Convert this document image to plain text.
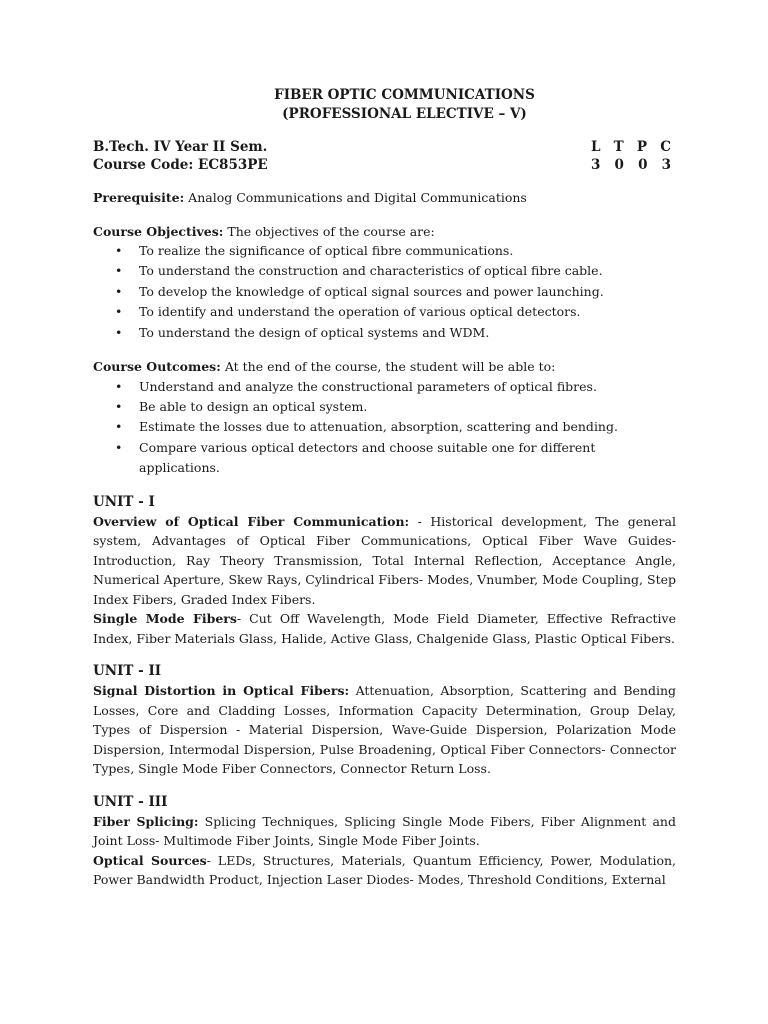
FIBER OPTIC COMMUNICATIONS
(PROFESSIONAL ELECTIVE – V)
B.Tech. IV Year II Sem.	L T P C
Course Code: EC853PE	3 0 0 3

Prerequisite: Analog Communications and Digital Communications

Course Objectives: The objectives of the course are:

• To realize the significance of optical fibre communications.
• To understand the construction and characteristics of optical fibre cable.
• To develop the knowledge of optical signal sources and power launching.
• To identify and understand the operation of various optical detectors.
• To understand the design of optical systems and WDM.

Course Outcomes: At the end of the course, the student will be able to:

• Understand and analyze the constructional parameters of optical fibres.
• Be able to design an optical system.
• Estimate the losses due to attenuation, absorption, scattering and bending.
• Compare various optical detectors and choose suitable one for different applications.
UNIT - I

Overview of Optical Fiber Communication: - Historical development, The general system, Advantages of Optical Fiber Communications, Optical Fiber Wave Guides- Introduction, Ray Theory Transmission, Total Internal Reflection, Acceptance Angle, Numerical Aperture, Skew Rays, Cylindrical Fibers- Modes, Vnumber, Mode Coupling, Step Index Fibers, Graded Index Fibers.

Single Mode Fibers- Cut Off Wavelength, Mode Field Diameter, Effective Refractive Index, Fiber Materials Glass, Halide, Active Glass, Chalgenide Glass, Plastic Optical Fibers.

UNIT - II

Signal Distortion in Optical Fibers: Attenuation, Absorption, Scattering and Bending Losses, Core and Cladding Losses, Information Capacity Determination, Group Delay, Types of Dispersion - Material Dispersion, Wave-Guide Dispersion, Polarization Mode Dispersion, Intermodal Dispersion, Pulse Broadening, Optical Fiber Connectors- Connector Types, Single Mode Fiber Connectors, Connector Return Loss.

UNIT - III

Fiber Splicing: Splicing Techniques, Splicing Single Mode Fibers, Fiber Alignment and Joint Loss- Multimode Fiber Joints, Single Mode Fiber Joints.

Optical Sources- LEDs, Structures, Materials, Quantum Efficiency, Power, Modulation, Power Bandwidth Product, Injection Laser Diodes- Modes, Threshold Conditions, External
